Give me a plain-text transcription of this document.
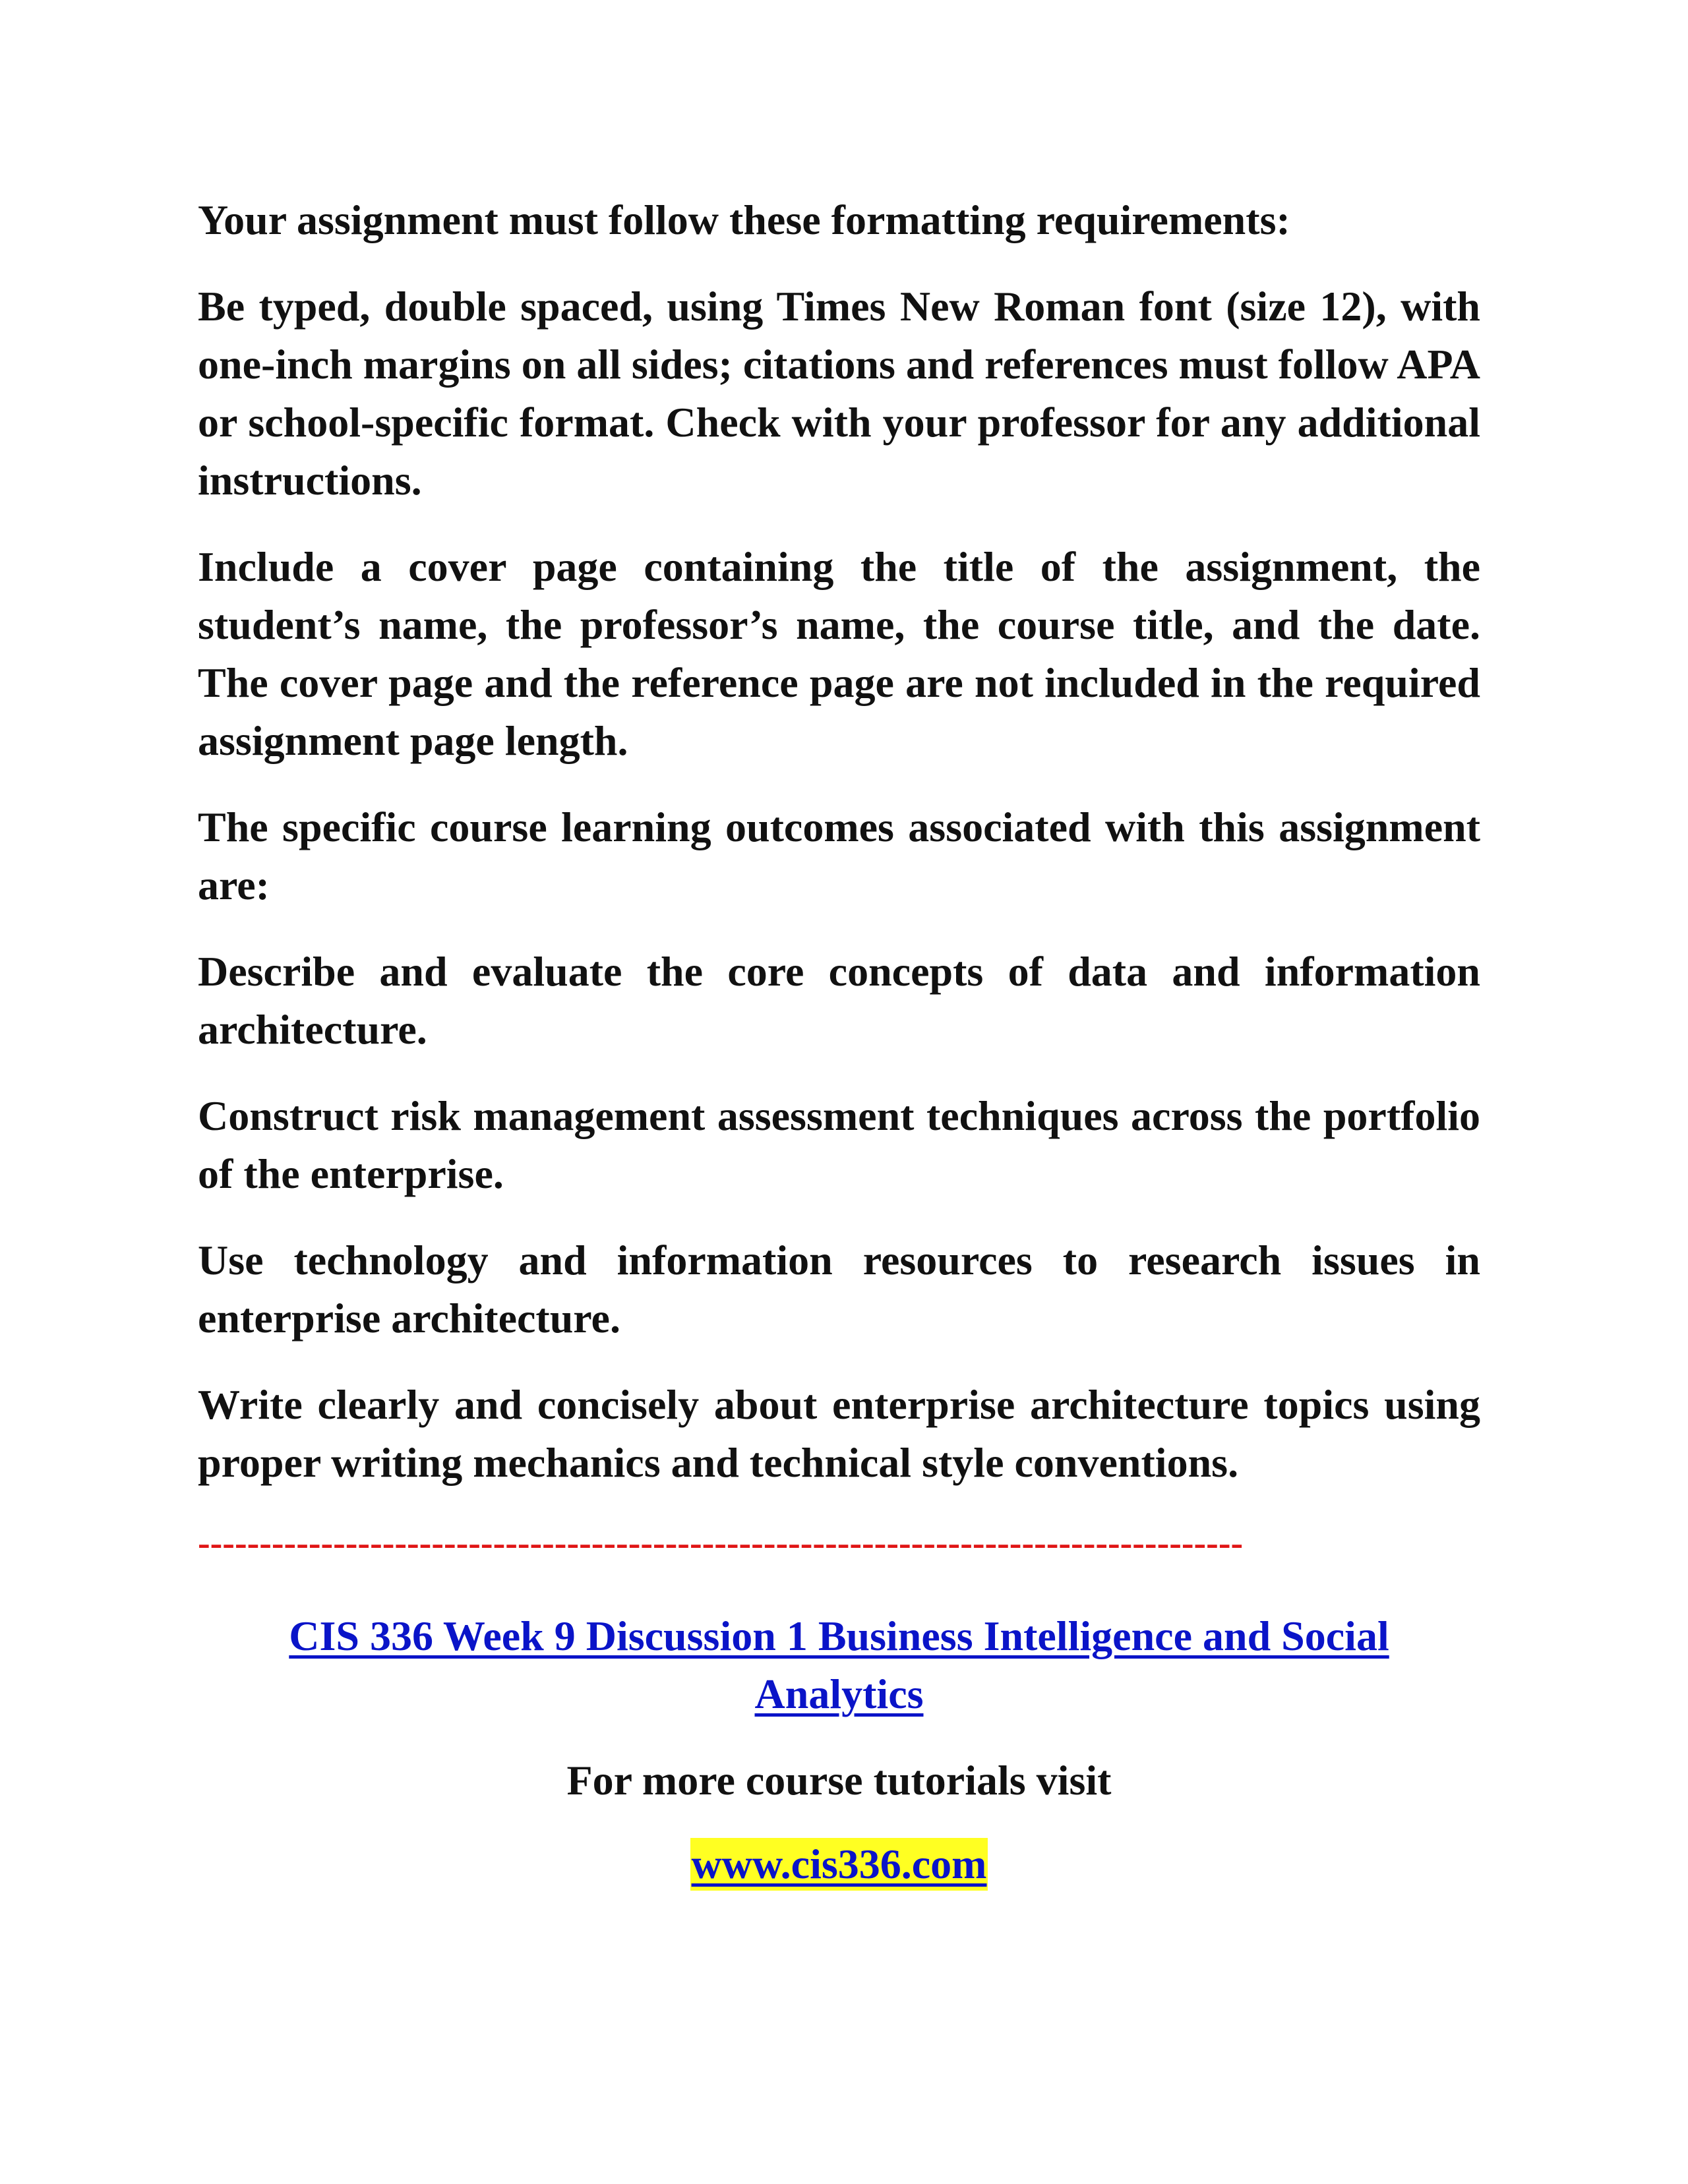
Your assignment must follow these formatting requirements:

Be typed, double spaced, using Times New Roman font (size 12), with one-inch margins on all sides; citations and references must follow APA or school-specific format. Check with your professor for any additional instructions.

Include a cover page containing the title of the assignment, the student’s name, the professor’s name, the course title, and the date. The cover page and the reference page are not included in the required assignment page length.

The specific course learning outcomes associated with this assignment are:

Describe and evaluate the core concepts of data and information architecture.

Construct risk management assessment techniques across the portfolio of the enterprise.

Use technology and information resources to research issues in enterprise architecture.

Write clearly and concisely about enterprise architecture topics using proper writing mechanics and technical style conventions.

-------------------------------------------------------------------------------------
CIS 336 Week 9 Discussion 1 Business Intelligence and Social Analytics
For more course tutorials visit
www.cis336.com
